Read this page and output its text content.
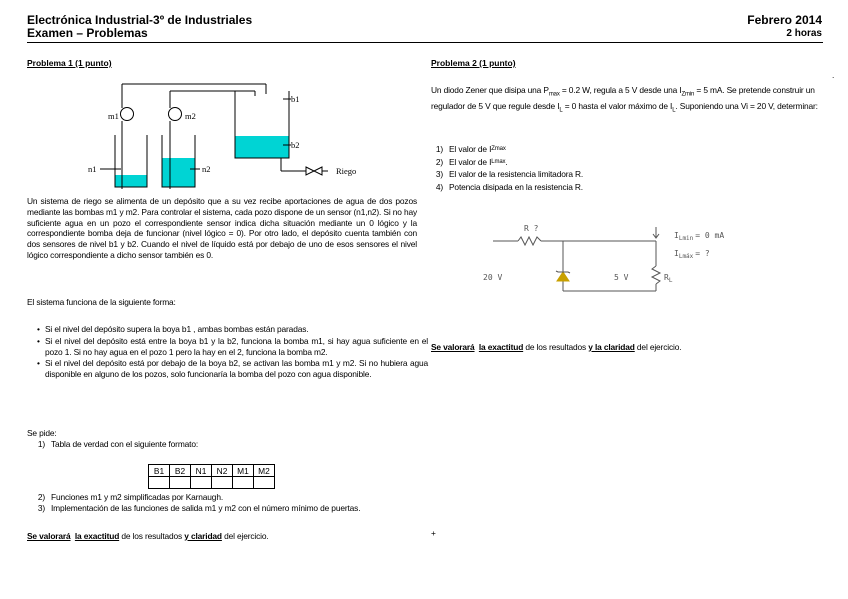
Electrónica Industrial-3º de Industriales
Examen – Problemas
Febrero 2014
2 horas
Problema 1 (1 punto)
b1
b2
m1	m2
n1	n2	Riego
Un sistema de riego se alimenta de un depósito que a su vez recibe aportaciones de agua de dos pozos mediante las bombas m1 y m2. Para controlar el sistema, cada pozo dispone de un sensor (n1,n2). Si no hay suficiente agua en un pozo el correspondiente sensor indica dicha situación mediante un 0 lógico y la correspondiente bomba deja de funcionar (nivel lógico = 0). Por otro lado, el depósito cuenta también con dos sensores de nivel b1 y b2. Cuando el nivel de líquido está por debajo de uno de esos sensores el nivel lógico correspondiente a dicho sensor también es 0.
El sistema funciona de la siguiente forma:
• Si el nivel del depósito supera la boya b1 , ambas bombas están paradas.
• Si el nivel del depósito está entre la boya b1 y la b2, funciona la bomba m1, si hay agua suficiente en el pozo 1. Si no hay agua en el pozo 1 pero la hay en el 2, funciona la bomba m2.
• Si el nivel del depósito está por debajo de la boya b2, se activan las bomba m1 y m2. Si no hubiera agua disponible en alguno de los pozos, solo funcionaría la bomba del pozo con agua disponible.
Se pide:
1) Tabla de verdad con el siguiente formato:
B1	B2	N1	N2	M1	M2

2) Funciones m1 y m2 simplificadas por Karnaugh.
3) Implementación de las funciones de salida m1 y m2 con el número mínimo de puertas.
Se valorará la exactitud de los resultados y claridad del ejercicio.	+
Problema 2 (1 punto)
.
Un diodo Zener que disipa una $P_{max} = 0.2$ W, regula a 5 V desde una $I_{Zmin} = 5$ mA. Se pretende construir un regulador de 5 V que regule desde $I_L = 0$ hasta el valor máximo de $I_L$. Suponiendo una Vi = 20 V, determinar:
1) El valor de I Zmax
2) El valor de I Lmax .
3) El valor de la resistencia limitadora R.
4) Potencia disipada en la resistencia R.
R ?
20 V	5 V	$R_L$
$I_{Lmin} = 0$ mA
$I_{Lmáx}$ = ?
Se valorará la exactitud de los resultados y la claridad del ejercicio.
